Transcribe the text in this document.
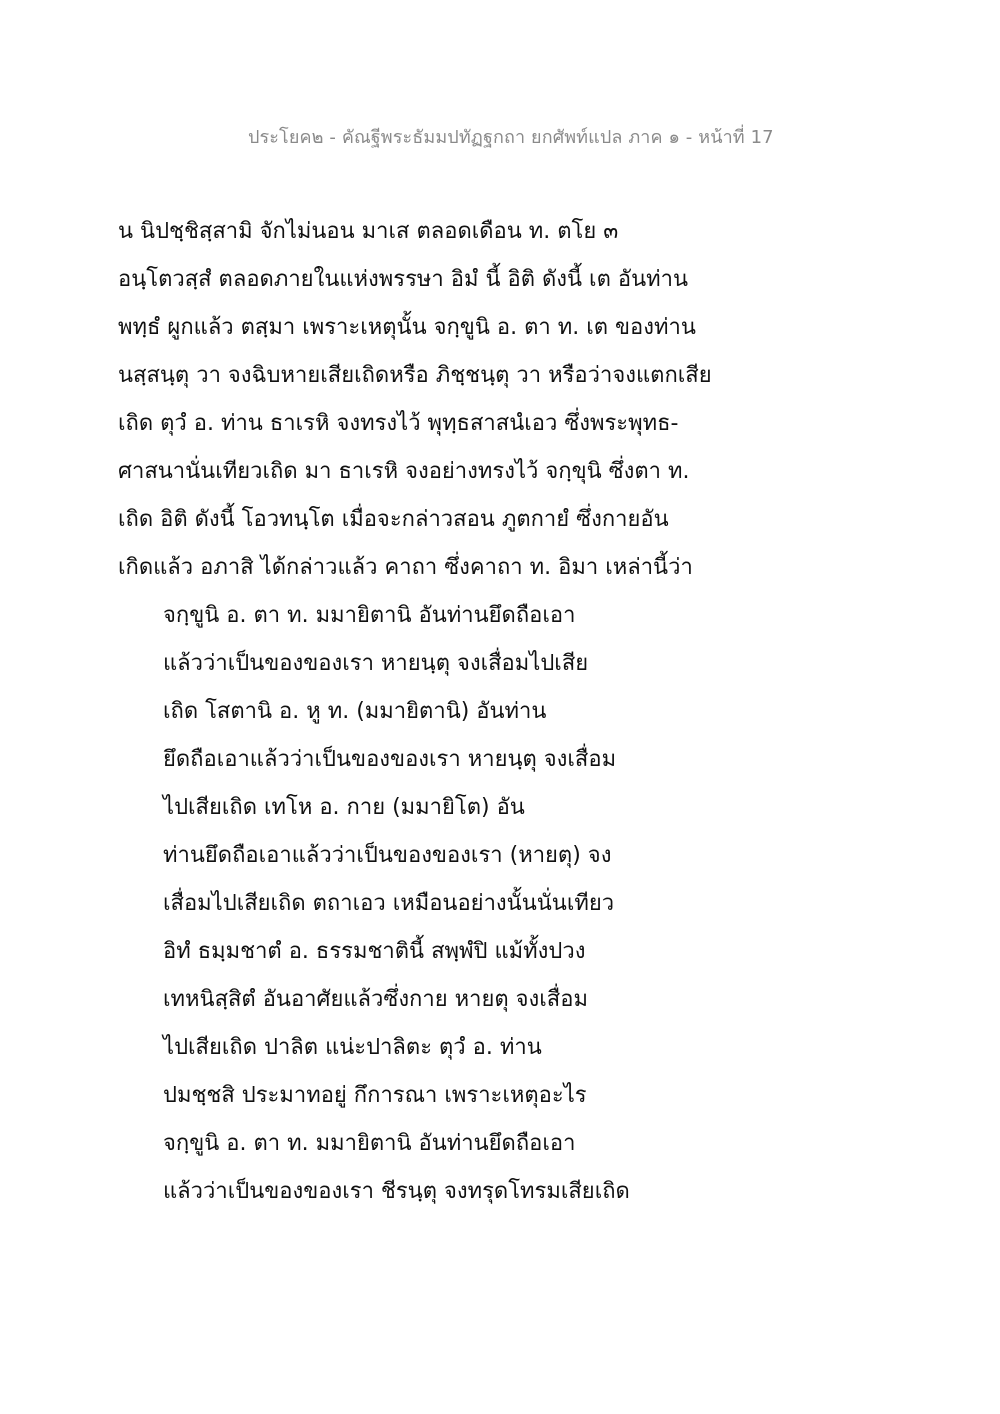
ประโยค๒ - คัณฐีพระธัมมปทัฏฐกถา ยกศัพท์แปล ภาค ๑ - หน้าที่ 17
น นิปชฺชิสฺสามิ จักไม่นอน มาเส ตลอดเดือน ท. ตโย ๓
อนฺโตวสฺสํ ตลอดภายในแห่งพรรษา อิมํ นี้ อิติ ดังนี้ เต อันท่าน
พทฺธํ ผูกแล้ว ตสฺมา เพราะเหตุนั้น จกฺขูนิ อ. ตา ท. เต ของท่าน
นสฺสนฺตุ วา จงฉิบหายเสียเถิดหรือ ภิชฺชนฺตุ วา หรือว่าจงแตกเสีย
เถิด ตุวํ อ. ท่าน ธาเรหิ จงทรงไว้ พุทฺธสาสนํเอว ซึ่งพระพุทธ-
ศาสนานั่นเทียวเถิด มา ธาเรหิ จงอย่างทรงไว้ จกฺขุนิ ซึ่งตา ท.
เถิด อิติ ดังนี้ โอวทนฺโต เมื่อจะกล่าวสอน ภูตกายํ ซึ่งกายอัน
เกิดแล้ว อภาสิ ได้กล่าวแล้ว คาถา ซึ่งคาถา ท. อิมา เหล่านี้ว่า
จกฺขูนิ อ. ตา ท. มมายิตานิ อันท่านยึดถือเอา
แล้วว่าเป็นของของเรา หายนฺตุ จงเสื่อมไปเสีย
เถิด โสตานิ อ. หู ท. (มมายิตานิ) อันท่าน
ยึดถือเอาแล้วว่าเป็นของของเรา หายนฺตุ จงเสื่อม
ไปเสียเถิด เทโห อ. กาย (มมายิโต) อัน
ท่านยึดถือเอาแล้วว่าเป็นของของเรา (หายตุ) จง
เสื่อมไปเสียเถิด ตถาเอว เหมือนอย่างนั้นนั่นเทียว
อิทํ ธมฺมชาตํ อ. ธรรมชาตินี้ สพฺพํปิ แม้ทั้งปวง
เทหนิสฺสิตํ อันอาศัยแล้วซึ่งกาย หายตุ จงเสื่อม
ไปเสียเถิด ปาลิต แน่ะปาลิตะ ตุวํ อ. ท่าน
ปมชฺชสิ ประมาทอยู่ กึการณา เพราะเหตุอะไร
จกฺขูนิ อ. ตา ท. มมายิตานิ อันท่านยึดถือเอา
แล้วว่าเป็นของของเรา ชีรนฺตุ จงทรุดโทรมเสียเถิด
